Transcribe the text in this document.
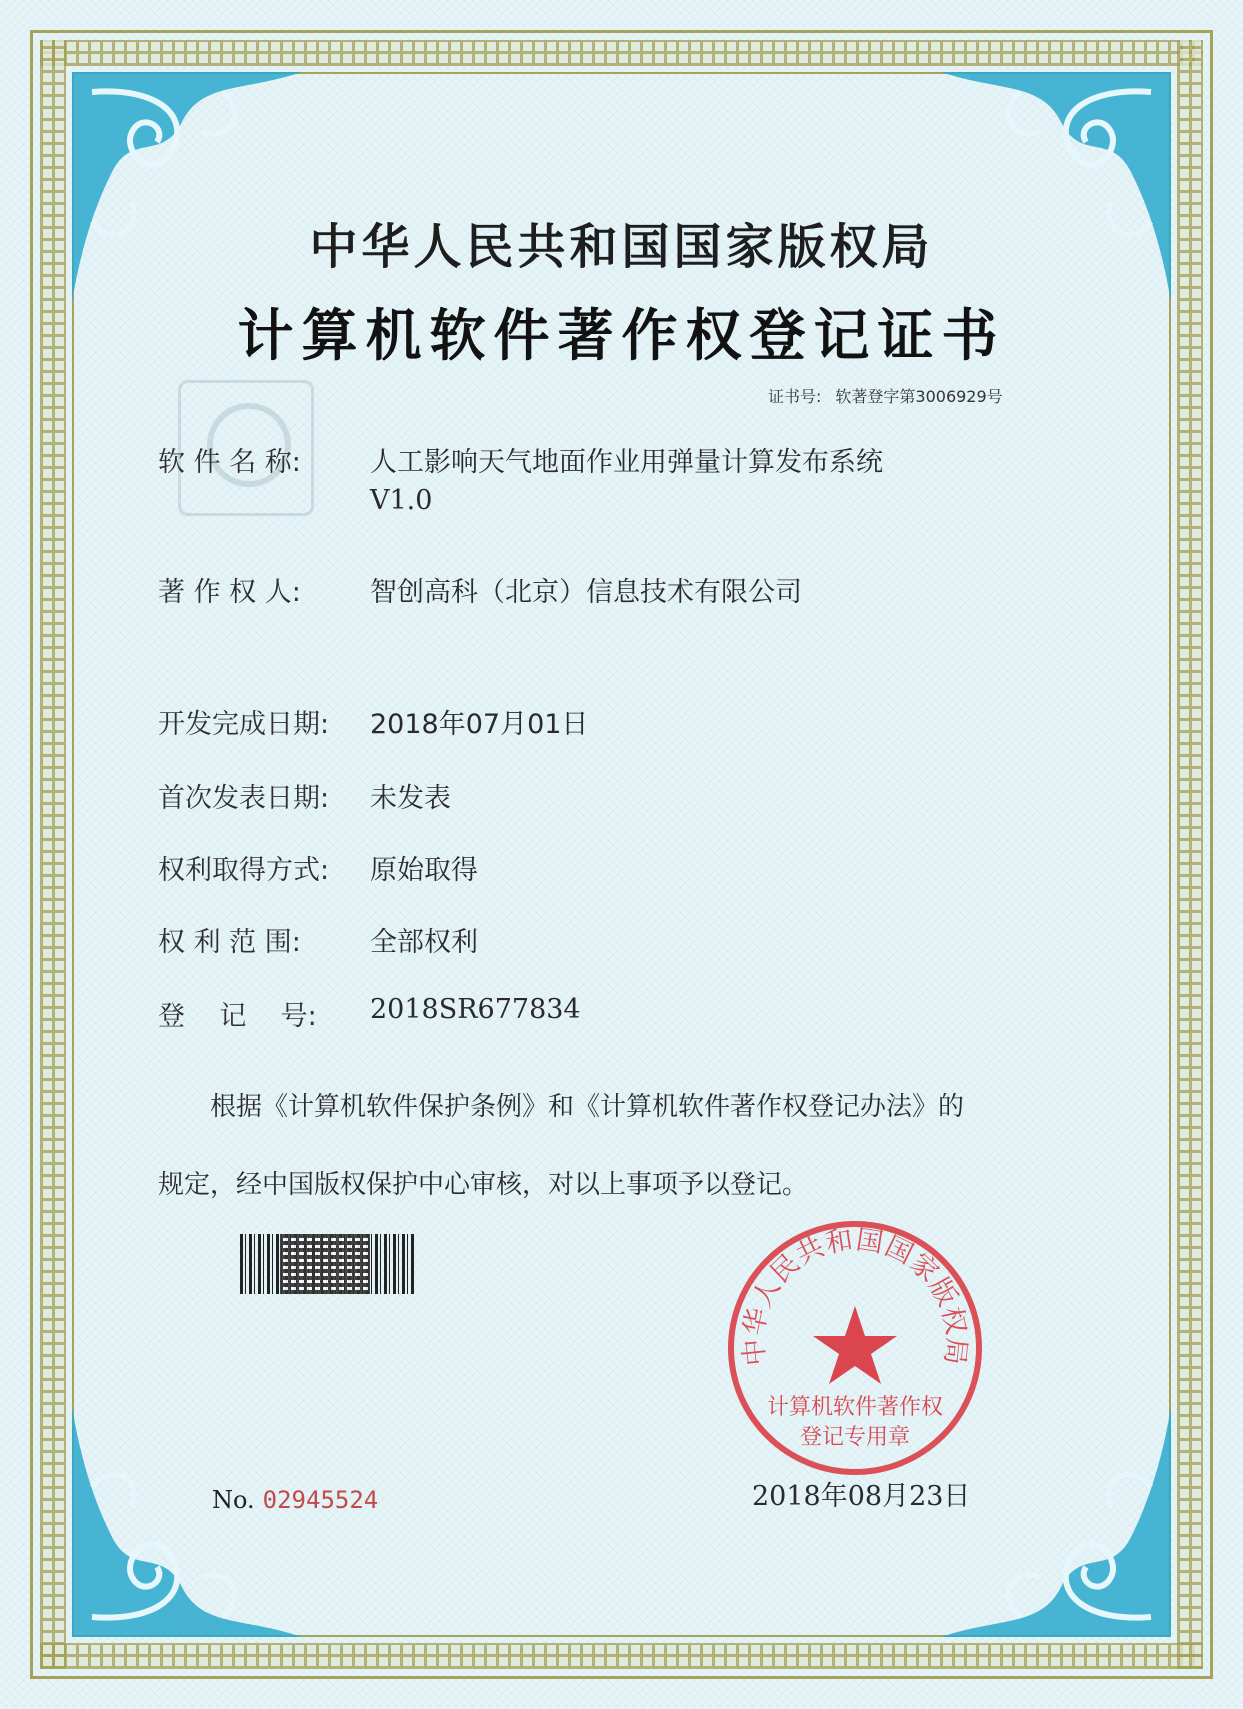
中华人民共和国国家版权局
计算机软件著作权登记证书
证书号: 软著登字第3006929号
软 件 名 称:	人工影响天气地面作业用弹量计算发布系统
V1.0
著 作 权 人:	智创高科（北京）信息技术有限公司
开发完成日期: 2018年07月01日
首次发表日期: 未发表
权利取得方式: 原始取得
权 利 范 围:	全部权利
登    记    号: 2018SR677834
根据《计算机软件保护条例》和《计算机软件著作权登记办法》的
规定，经中国版权保护中心审核，对以上事项予以登记。
中华人民共和国国家版权局
计算机软件著作权
登记专用章
No. 02945524	2018年08月23日
